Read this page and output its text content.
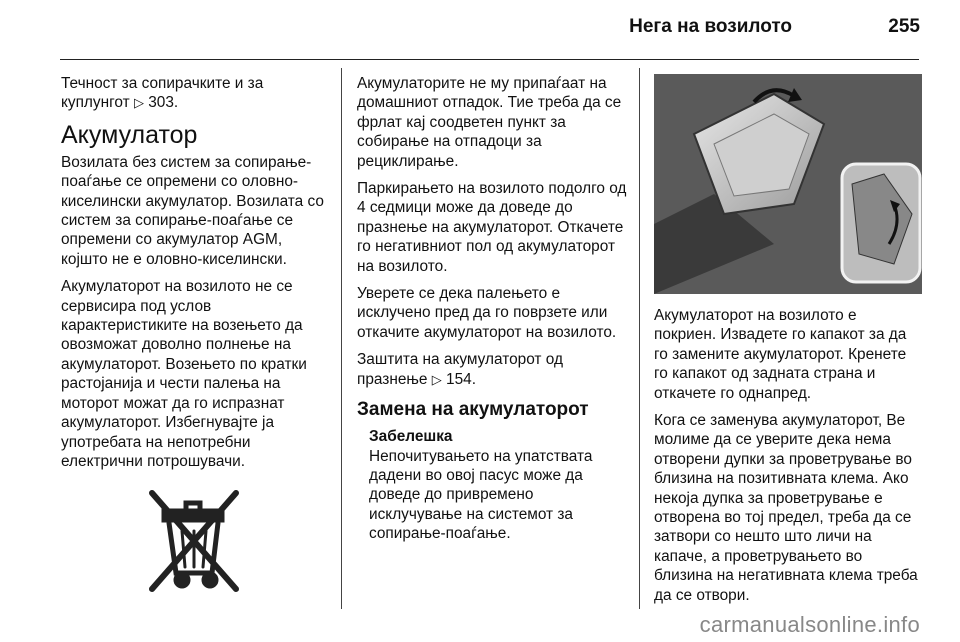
Нега на возилото	255

Течност за сопирачките и за куплунгот ▷ 303.

Акумулатор

Возилата без систем за сопирање-поаѓање се опремени со оловно-киселински акумулатор. Возилата со систем за сопирање-поаѓање се опремени со акумулатор AGM, којшто не е оловно-киселински.

Акумулаторот на возилото не се сервисира под услов карактеристиките на возењето да овозможат доволно полнење на акумулаторот. Возењето по кратки растојанија и чести палења на моторот можат да го испразнат акумулаторот. Избегнувајте ја употребата на непотребни електрични потрошувачи.

Акумулаторите не му припаѓаат на домашниот отпадок. Тие треба да се фрлат кај соодветен пункт за собирање на отпадоци за рециклирање.

Паркирањето на возилото подолго од 4 седмици може да доведе до празнење на акумулаторот. Откачете го негативниот пол од акумулаторот на возилото.

Уверете се дека палењето е исклучено пред да го поврзете или откачите акумулаторот на возилото.

Заштита на акумулаторот од празнење ▷ 154.

Замена на акумулаторот
Забелешка
Непочитувањето на упатствата дадени во овој пасус може да доведе до привремено исклучување на системот за сопирање-поаѓање.

Акумулаторот на возилото е покриен. Извадете го капакот за да го замените акумулаторот. Кренете го капакот од задната страна и откачете го однапред.

Кога се заменува акумулаторот, Ве молиме да се уверите дека нема отворени дупки за проветрување во близина на позитивната клема. Ако некоја дупка за проветрување е отворена во тој предел, треба да се затвори со нешто што личи на капаче, а проветрувањето во близина на негативната клема треба да се отвори.

carmanualsonline.info
